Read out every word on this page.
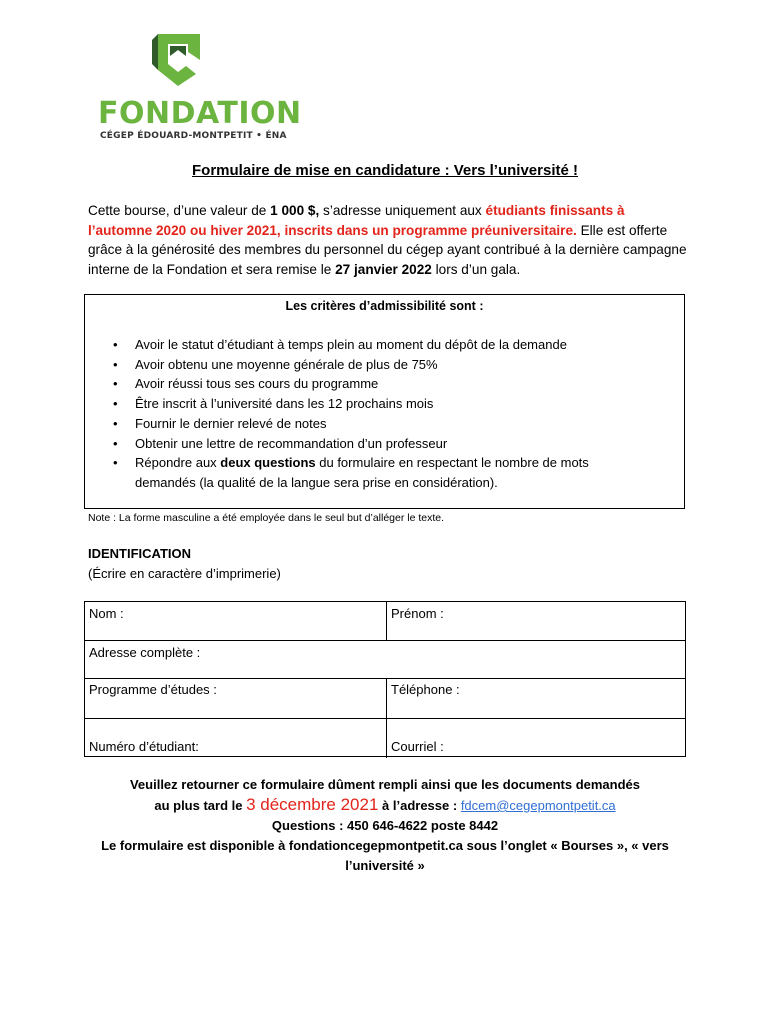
FONDATION
CÉGEP ÉDOUARD-MONTPETIT • ÉNA
Formulaire de mise en candidature : Vers l’université !
Cette bourse, d’une valeur de 1 000 $, s’adresse uniquement aux étudiants finissants à l’automne 2020 ou hiver 2021, inscrits dans un programme préuniversitaire. Elle est offerte grâce à la générosité des membres du personnel du cégep ayant contribué à la dernière campagne interne de la Fondation et sera remise le 27 janvier 2022 lors d’un gala.
Les critères d’admissibilité sont :
• Avoir le statut d’étudiant à temps plein au moment du dépôt de la demande
• Avoir obtenu une moyenne générale de plus de 75%
• Avoir réussi tous ses cours du programme
• Être inscrit à l’université dans les 12 prochains mois
• Fournir le dernier relevé de notes
• Obtenir une lettre de recommandation d’un professeur
• Répondre aux deux questions du formulaire en respectant le nombre de mots demandés (la qualité de la langue sera prise en considération).
Note : La forme masculine a été employée dans le seul but d’alléger le texte.
IDENTIFICATION
(Écrire en caractère d’imprimerie)
Nom :	Prénom :
Adresse complète :
Programme d’études :	Téléphone :
Numéro d’étudiant:	Courriel :
Veuillez retourner ce formulaire dûment rempli ainsi que les documents demandés
au plus tard le 3 décembre 2021 à l’adresse : fdcem@cegepmontpetit.ca
Questions : 450 646-4622 poste 8442
Le formulaire est disponible à fondationcegepmontpetit.ca sous l’onglet « Bourses », « vers l’université »
